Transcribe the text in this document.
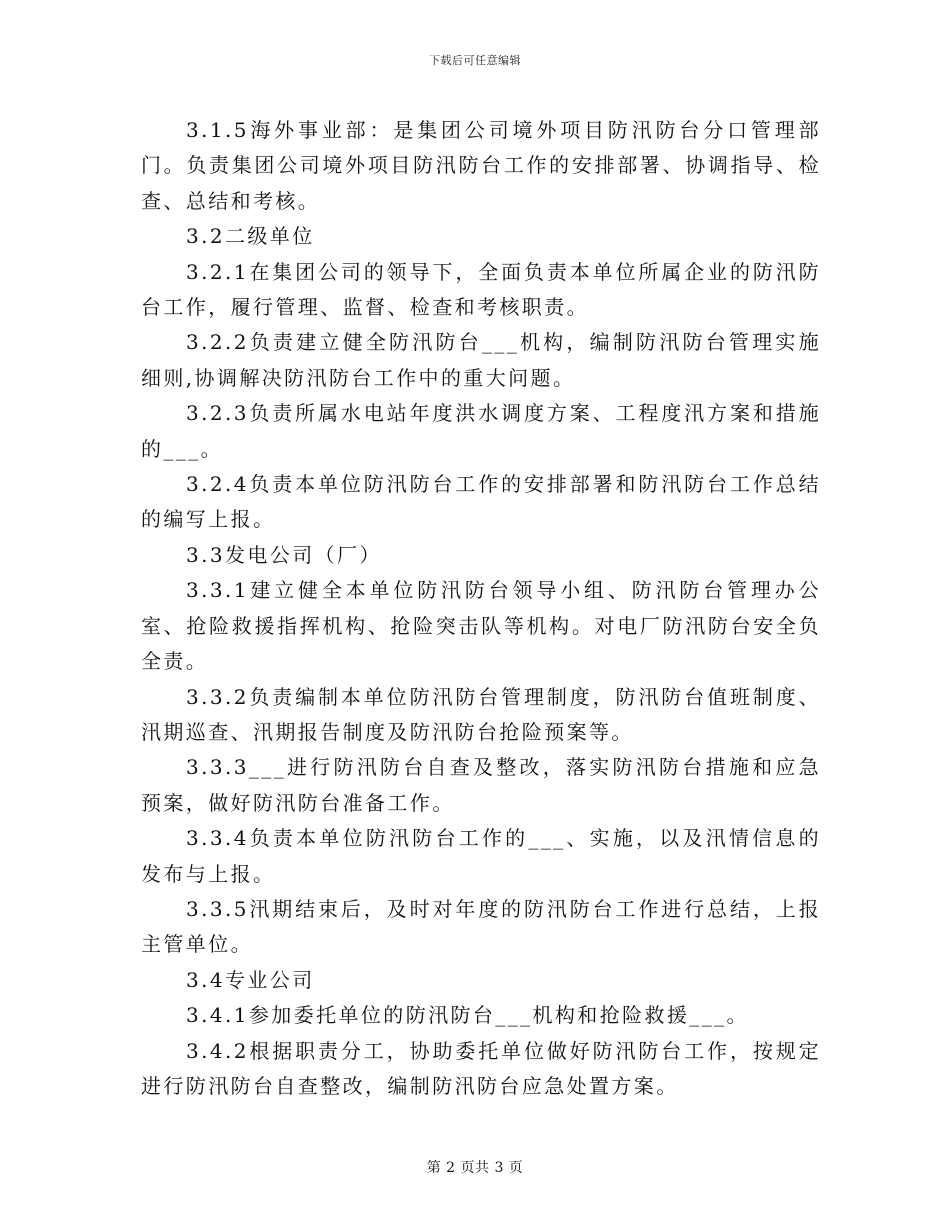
下载后可任意编辑

3.1.5海外事业部：是集团公司境外项目防汛防台分口管理部门。负责集团公司境外项目防汛防台工作的安排部署、协调指导、检查、总结和考核。

3.2二级单位

3.2.1在集团公司的领导下，全面负责本单位所属企业的防汛防台工作，履行管理、监督、检查和考核职责。

3.2.2负责建立健全防汛防台___机构，编制防汛防台管理实施细则,协调解决防汛防台工作中的重大问题。

3.2.3负责所属水电站年度洪水调度方案、工程度汛方案和措施的___。

3.2.4负责本单位防汛防台工作的安排部署和防汛防台工作总结的编写上报。

3.3发电公司（厂）

3.3.1建立健全本单位防汛防台领导小组、防汛防台管理办公室、抢险救援指挥机构、抢险突击队等机构。对电厂防汛防台安全负全责。

3.3.2负责编制本单位防汛防台管理制度，防汛防台值班制度、汛期巡查、汛期报告制度及防汛防台抢险预案等。

3.3.3___进行防汛防台自查及整改，落实防汛防台措施和应急预案，做好防汛防台准备工作。

3.3.4负责本单位防汛防台工作的___、实施，以及汛情信息的发布与上报。

3.3.5汛期结束后，及时对年度的防汛防台工作进行总结，上报主管单位。

3.4专业公司

3.4.1参加委托单位的防汛防台___机构和抢险救援___。

3.4.2根据职责分工，协助委托单位做好防汛防台工作，按规定进行防汛防台自查整改，编制防汛防台应急处置方案。

第 2 页共 3 页
